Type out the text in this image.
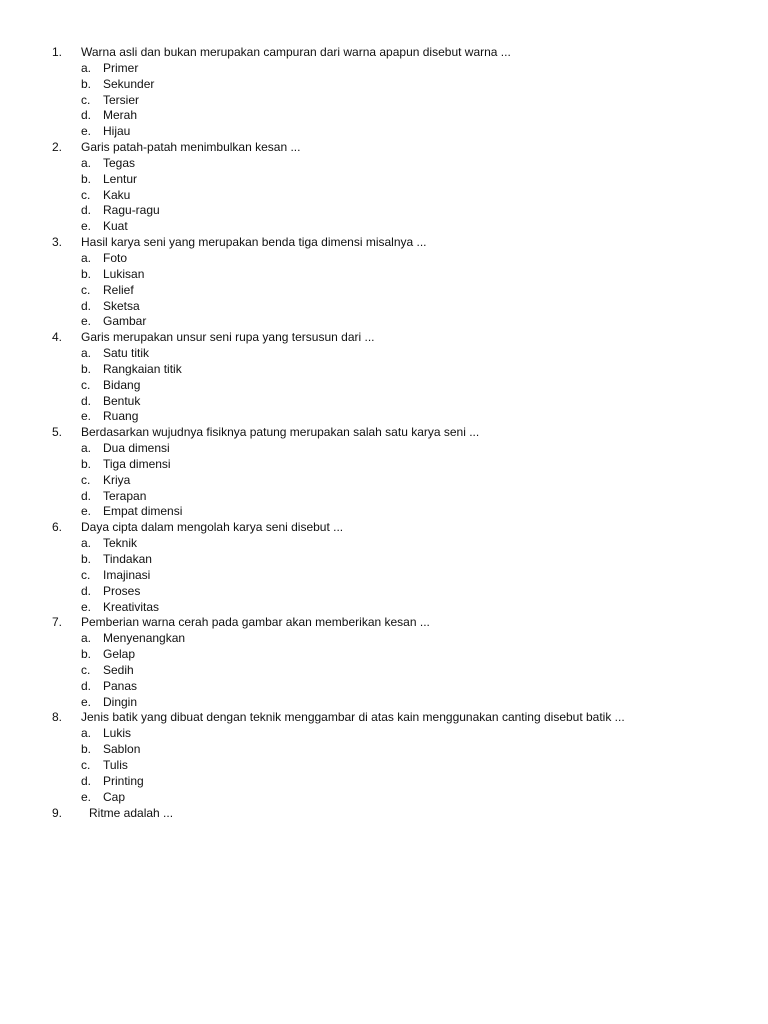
1. Warna asli dan bukan merupakan campuran dari warna apapun disebut warna ...
a. Primer
b. Sekunder
c. Tersier
d. Merah
e. Hijau
2. Garis patah-patah menimbulkan kesan ...
a. Tegas
b. Lentur
c. Kaku
d. Ragu-ragu
e. Kuat
3. Hasil karya seni yang merupakan benda tiga dimensi misalnya ...
a. Foto
b. Lukisan
c. Relief
d. Sketsa
e. Gambar
4. Garis merupakan unsur seni rupa yang tersusun dari ...
a. Satu titik
b. Rangkaian titik
c. Bidang
d. Bentuk
e. Ruang
5. Berdasarkan wujudnya fisiknya patung merupakan salah satu karya seni ...
a. Dua dimensi
b. Tiga dimensi
c. Kriya
d. Terapan
e. Empat dimensi
6. Daya cipta dalam mengolah karya seni disebut ...
a. Teknik
b. Tindakan
c. Imajinasi
d. Proses
e. Kreativitas
7. Pemberian warna cerah pada gambar akan memberikan kesan ...
a. Menyenangkan
b. Gelap
c. Sedih
d. Panas
e. Dingin
8. Jenis batik yang dibuat dengan teknik menggambar di atas kain menggunakan canting disebut batik ...
a. Lukis
b. Sablon
c. Tulis
d. Printing
e. Cap
9. Ritme adalah ...
